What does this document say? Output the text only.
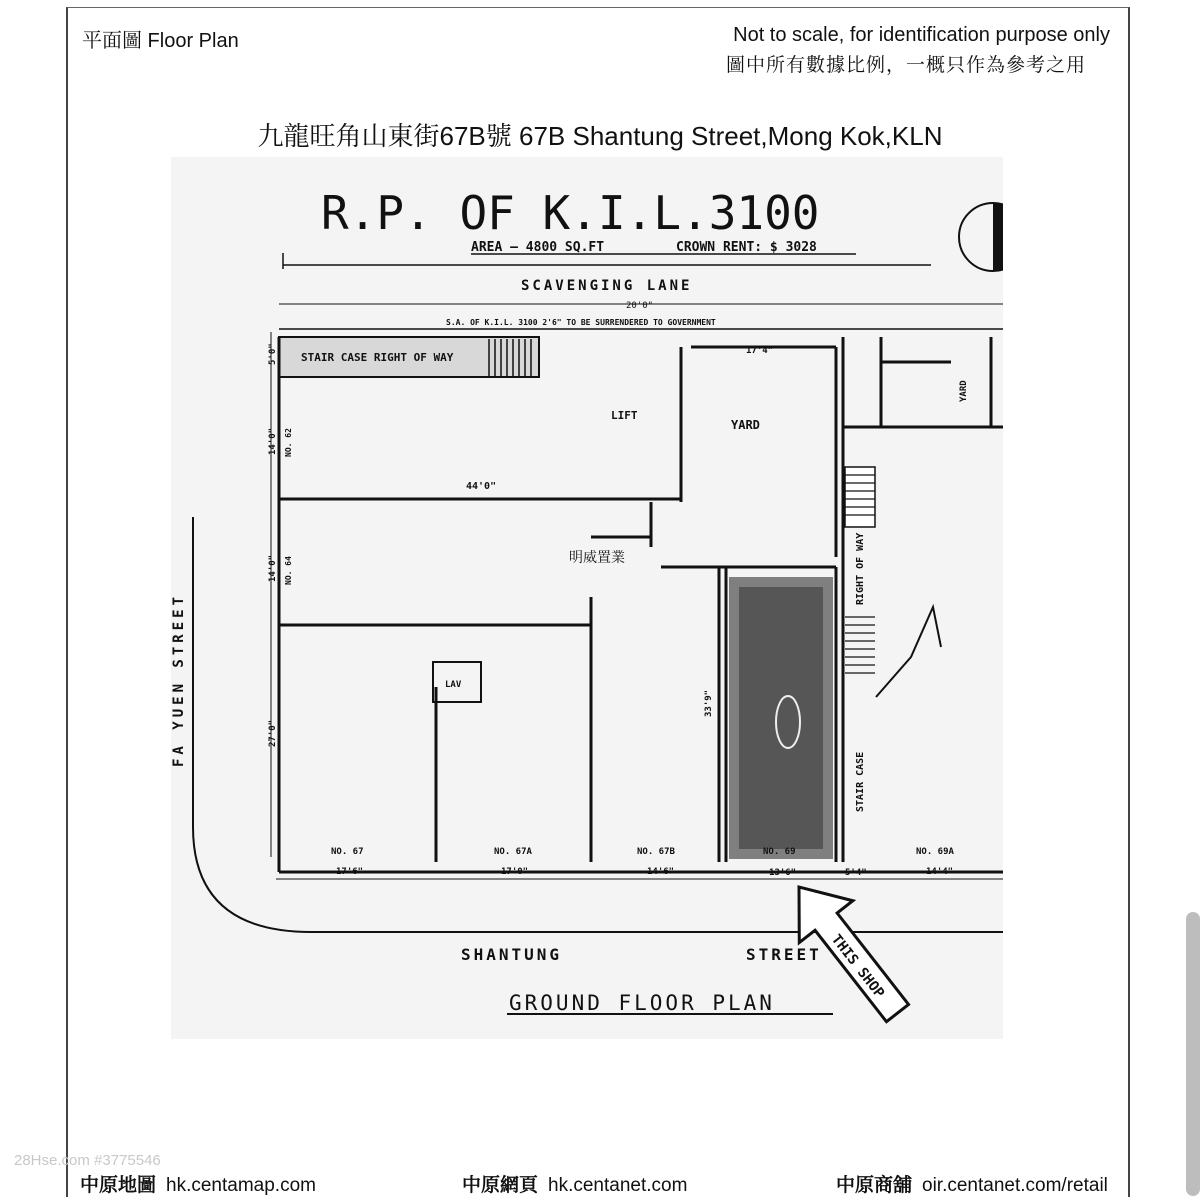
平面圖 Floor Plan	Not to scale, for identification purpose only
圖中所有數據比例，一概只作為參考之用
九龍旺角山東街67B號 67B Shantung Street,Mong Kok,KLN
R.P. OF K.I.L.3100
AREA — 4800 SQ.FT	CROWN RENT: $ 3028
SCAVENGING LANE
20'0"
S.A. OF K.I.L. 3100 2'6" TO BE SURRENDERED TO GOVERNMENT
STAIR CASE RIGHT OF WAY
RIGHT OF WAY
STAIR CASE
YARD
YARD
LIFT
LAV
明威置業
44'0"
17'4"
5'0"
14'0"
14'0"
27'0"
33'9"
NO. 62
NO. 64
NO. 67	NO. 67A	NO. 67B	NO. 69	NO. 69A
17'6"	17'0"	14'6"	13'6"	5'4"	14'4"
FA YUEN STREET
SHANTUNG	STREET
GROUND FLOOR PLAN
THIS SHOP
28Hse.com #3775546
中原地圖 hk.centamap.com	中原網頁 hk.centanet.com	中原商舖 oir.centanet.com/retail
